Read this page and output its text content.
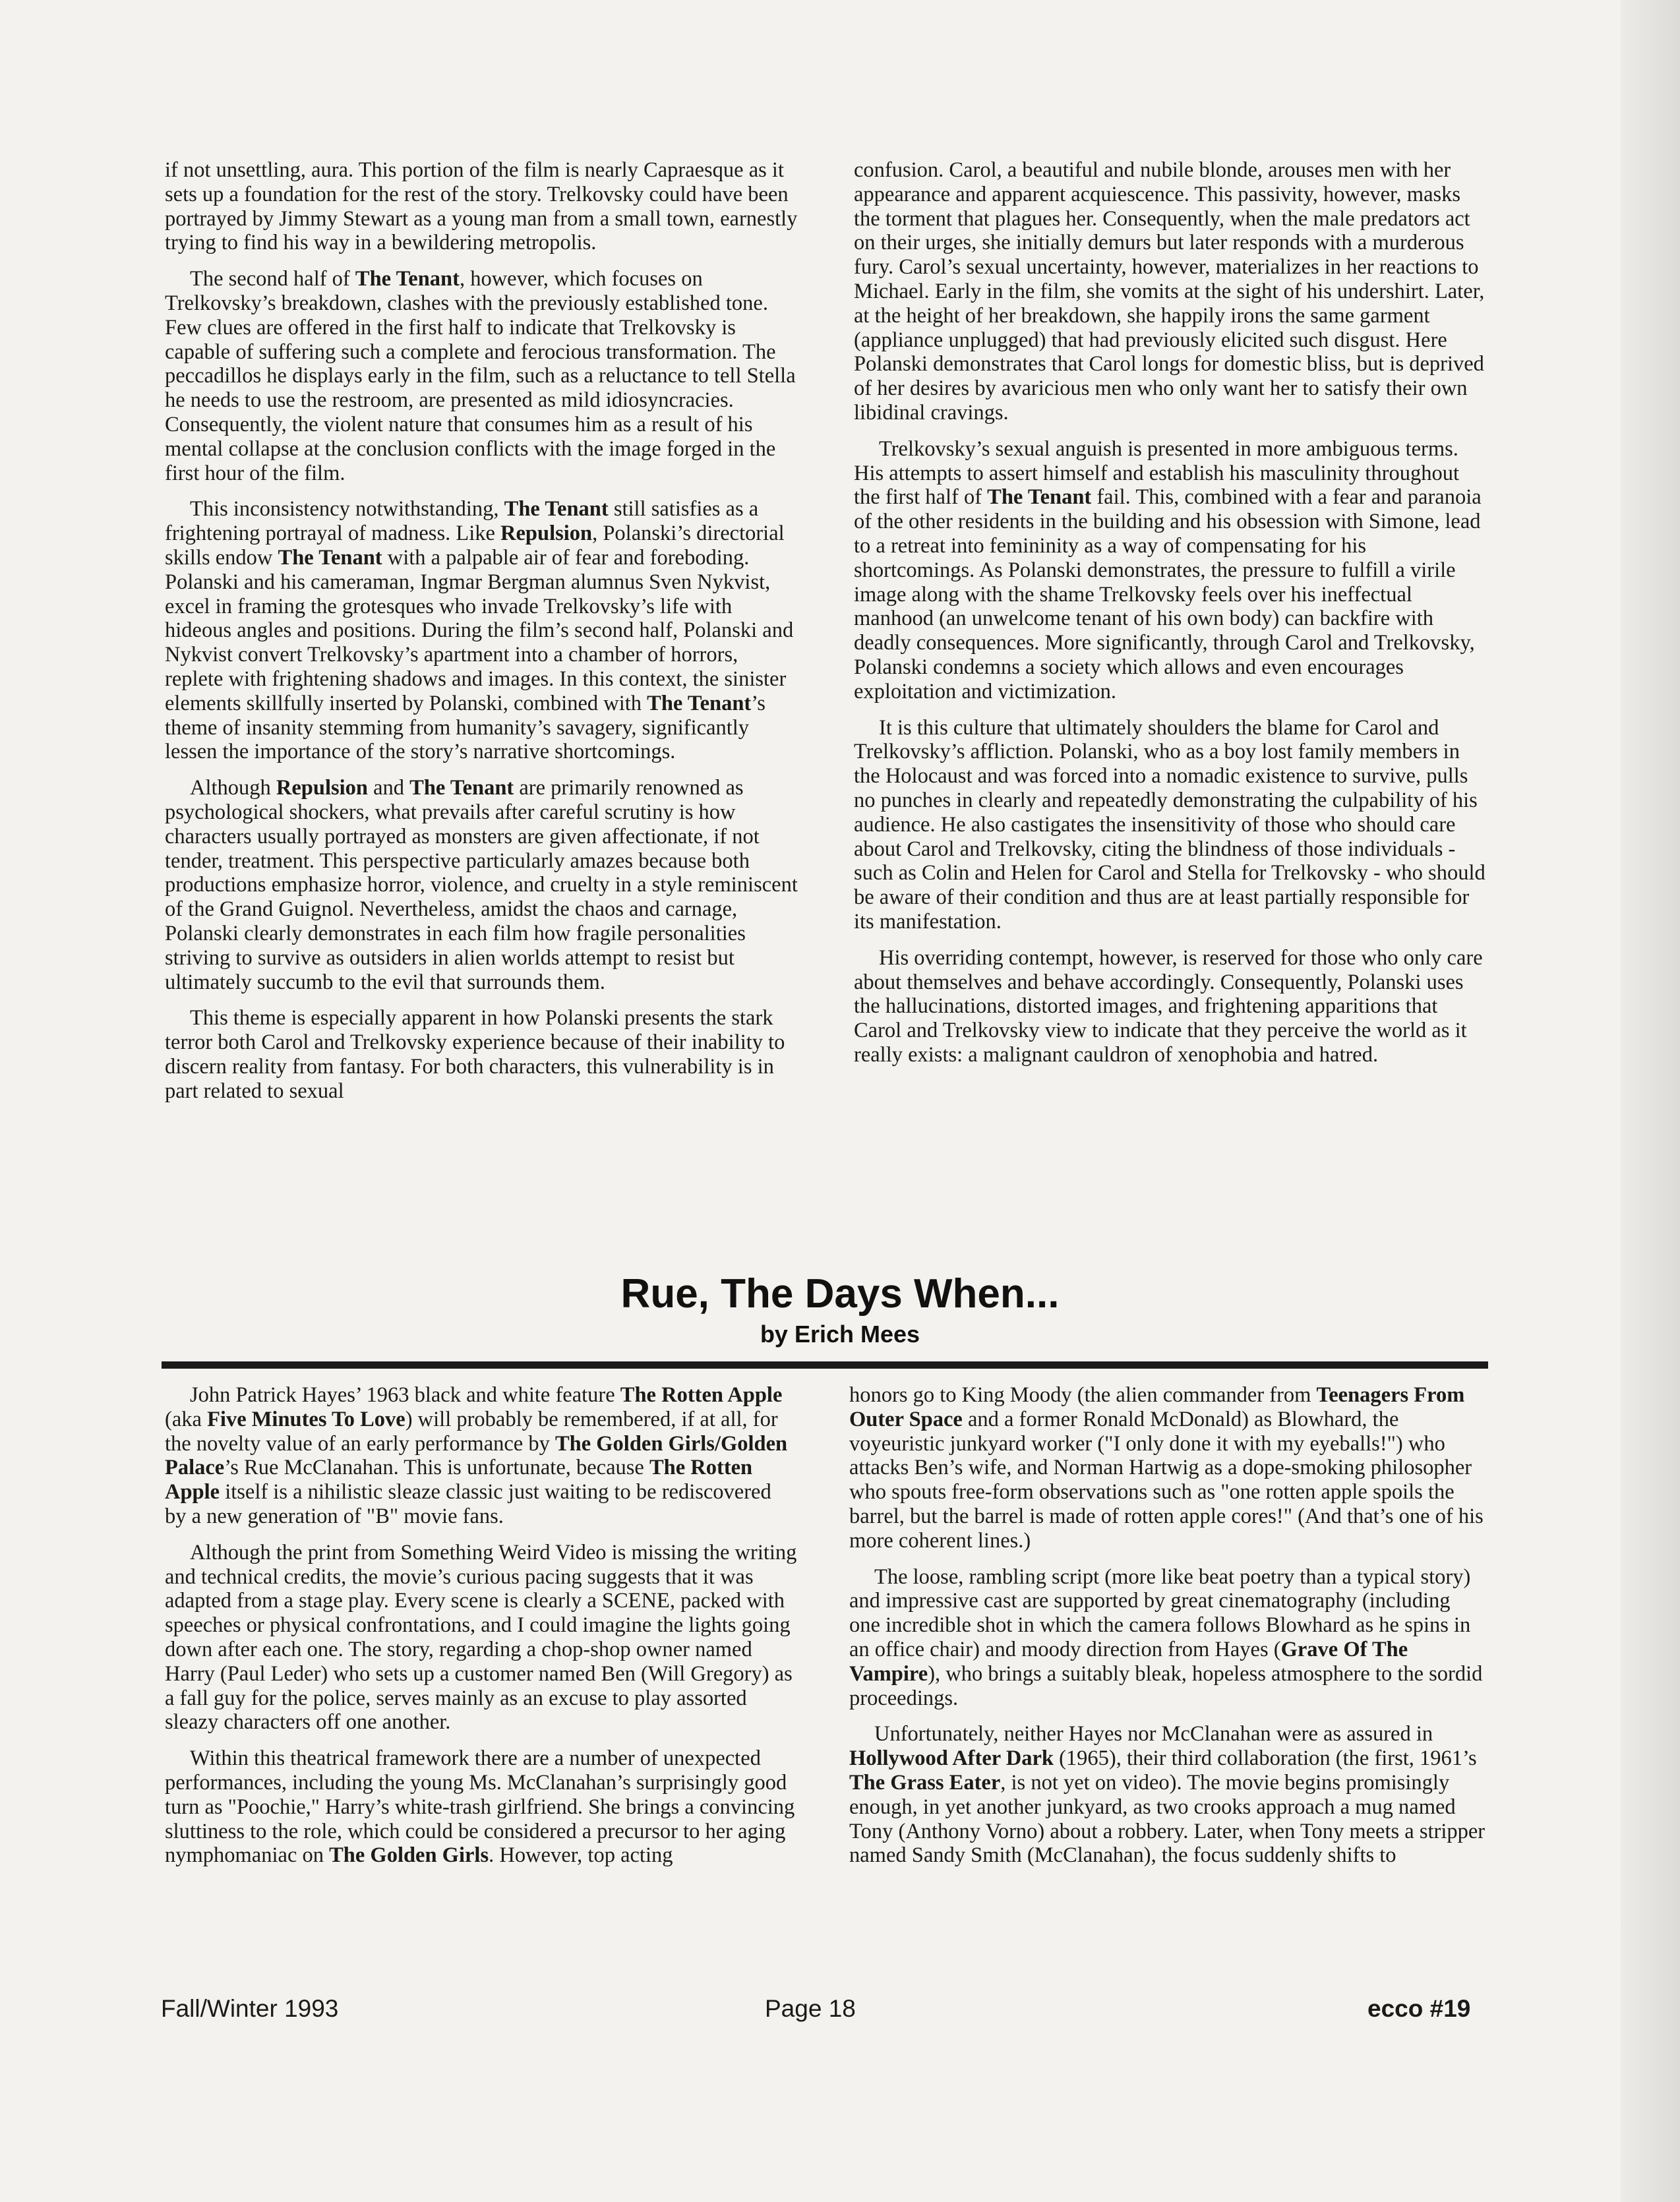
if not unsettling, aura. This portion of the film is nearly Capraesque as it sets up a foundation for the rest of the story. Trelkovsky could have been portrayed by Jimmy Stewart as a young man from a small town, earnestly trying to find his way in a bewildering metropolis.

The second half of The Tenant, however, which focuses on Trelkovsky’s breakdown, clashes with the previously established tone. Few clues are offered in the first half to indicate that Trelkovsky is capable of suffering such a complete and ferocious transformation. The peccadillos he displays early in the film, such as a reluctance to tell Stella he needs to use the restroom, are presented as mild idiosyncracies. Consequently, the violent nature that consumes him as a result of his mental collapse at the conclusion conflicts with the image forged in the first hour of the film.

This inconsistency notwithstanding, The Tenant still satisfies as a frightening portrayal of madness. Like Repulsion, Polanski’s directorial skills endow The Tenant with a palpable air of fear and foreboding. Polanski and his cameraman, Ingmar Bergman alumnus Sven Nykvist, excel in framing the grotesques who invade Trelkovsky’s life with hideous angles and positions. During the film’s second half, Polanski and Nykvist convert Trelkovsky’s apartment into a chamber of horrors, replete with frightening shadows and images. In this context, the sinister elements skillfully inserted by Polanski, combined with The Tenant’s theme of insanity stemming from humanity’s savagery, significantly lessen the importance of the story’s narrative shortcomings.

Although Repulsion and The Tenant are primarily renowned as psychological shockers, what prevails after careful scrutiny is how characters usually portrayed as monsters are given affectionate, if not tender, treatment. This perspective particularly amazes because both productions emphasize horror, violence, and cruelty in a style reminiscent of the Grand Guignol. Nevertheless, amidst the chaos and carnage, Polanski clearly demonstrates in each film how fragile personalities striving to survive as outsiders in alien worlds attempt to resist but ultimately succumb to the evil that surrounds them.

This theme is especially apparent in how Polanski presents the stark terror both Carol and Trelkovsky experience because of their inability to discern reality from fantasy. For both characters, this vulnerability is in part related to sexual

confusion. Carol, a beautiful and nubile blonde, arouses men with her appearance and apparent acquiescence. This passivity, however, masks the torment that plagues her. Consequently, when the male predators act on their urges, she initially demurs but later responds with a murderous fury. Carol’s sexual uncertainty, however, materializes in her reactions to Michael. Early in the film, she vomits at the sight of his undershirt. Later, at the height of her breakdown, she happily irons the same garment (appliance unplugged) that had previously elicited such disgust. Here Polanski demonstrates that Carol longs for domestic bliss, but is deprived of her desires by avaricious men who only want her to satisfy their own libidinal cravings.

Trelkovsky’s sexual anguish is presented in more ambiguous terms. His attempts to assert himself and establish his masculinity throughout the first half of The Tenant fail. This, combined with a fear and paranoia of the other residents in the building and his obsession with Simone, lead to a retreat into femininity as a way of compensating for his shortcomings. As Polanski demonstrates, the pressure to fulfill a virile image along with the shame Trelkovsky feels over his ineffectual manhood (an unwelcome tenant of his own body) can backfire with deadly consequences. More significantly, through Carol and Trelkovsky, Polanski condemns a society which allows and even encourages exploitation and victimization.

It is this culture that ultimately shoulders the blame for Carol and Trelkovsky’s affliction. Polanski, who as a boy lost family members in the Holocaust and was forced into a nomadic existence to survive, pulls no punches in clearly and repeatedly demonstrating the culpability of his audience. He also castigates the insensitivity of those who should care about Carol and Trelkovsky, citing the blindness of those individuals - such as Colin and Helen for Carol and Stella for Trelkovsky - who should be aware of their condition and thus are at least partially responsible for its manifestation.

His overriding contempt, however, is reserved for those who only care about themselves and behave accordingly. Consequently, Polanski uses the hallucinations, distorted images, and frightening apparitions that Carol and Trelkovsky view to indicate that they perceive the world as it really exists: a malignant cauldron of xenophobia and hatred.

Rue, The Days When...
by Erich Mees

John Patrick Hayes’ 1963 black and white feature The Rotten Apple (aka Five Minutes To Love) will probably be remembered, if at all, for the novelty value of an early performance by The Golden Girls/Golden Palace’s Rue McClanahan. This is unfortunate, because The Rotten Apple itself is a nihilistic sleaze classic just waiting to be rediscovered by a new generation of "B" movie fans.

Although the print from Something Weird Video is missing the writing and technical credits, the movie’s curious pacing suggests that it was adapted from a stage play. Every scene is clearly a SCENE, packed with speeches or physical confrontations, and I could imagine the lights going down after each one. The story, regarding a chop-shop owner named Harry (Paul Leder) who sets up a customer named Ben (Will Gregory) as a fall guy for the police, serves mainly as an excuse to play assorted sleazy characters off one another.

Within this theatrical framework there are a number of unexpected performances, including the young Ms. McClanahan’s surprisingly good turn as "Poochie," Harry’s white-trash girlfriend. She brings a convincing sluttiness to the role, which could be considered a precursor to her aging nymphomaniac on The Golden Girls. However, top acting

honors go to King Moody (the alien commander from Teenagers From Outer Space and a former Ronald McDonald) as Blowhard, the voyeuristic junkyard worker ("I only done it with my eyeballs!") who attacks Ben’s wife, and Norman Hartwig as a dope-smoking philosopher who spouts free-form observations such as "one rotten apple spoils the barrel, but the barrel is made of rotten apple cores!" (And that’s one of his more coherent lines.)

The loose, rambling script (more like beat poetry than a typical story) and impressive cast are supported by great cinematography (including one incredible shot in which the camera follows Blowhard as he spins in an office chair) and moody direction from Hayes (Grave Of The Vampire), who brings a suitably bleak, hopeless atmosphere to the sordid proceedings.

Unfortunately, neither Hayes nor McClanahan were as assured in Hollywood After Dark (1965), their third collaboration (the first, 1961’s The Grass Eater, is not yet on video). The movie begins promisingly enough, in yet another junkyard, as two crooks approach a mug named Tony (Anthony Vorno) about a robbery. Later, when Tony meets a stripper named Sandy Smith (McClanahan), the focus suddenly shifts to

Fall/Winter 1993	Page 18	ecco #19
